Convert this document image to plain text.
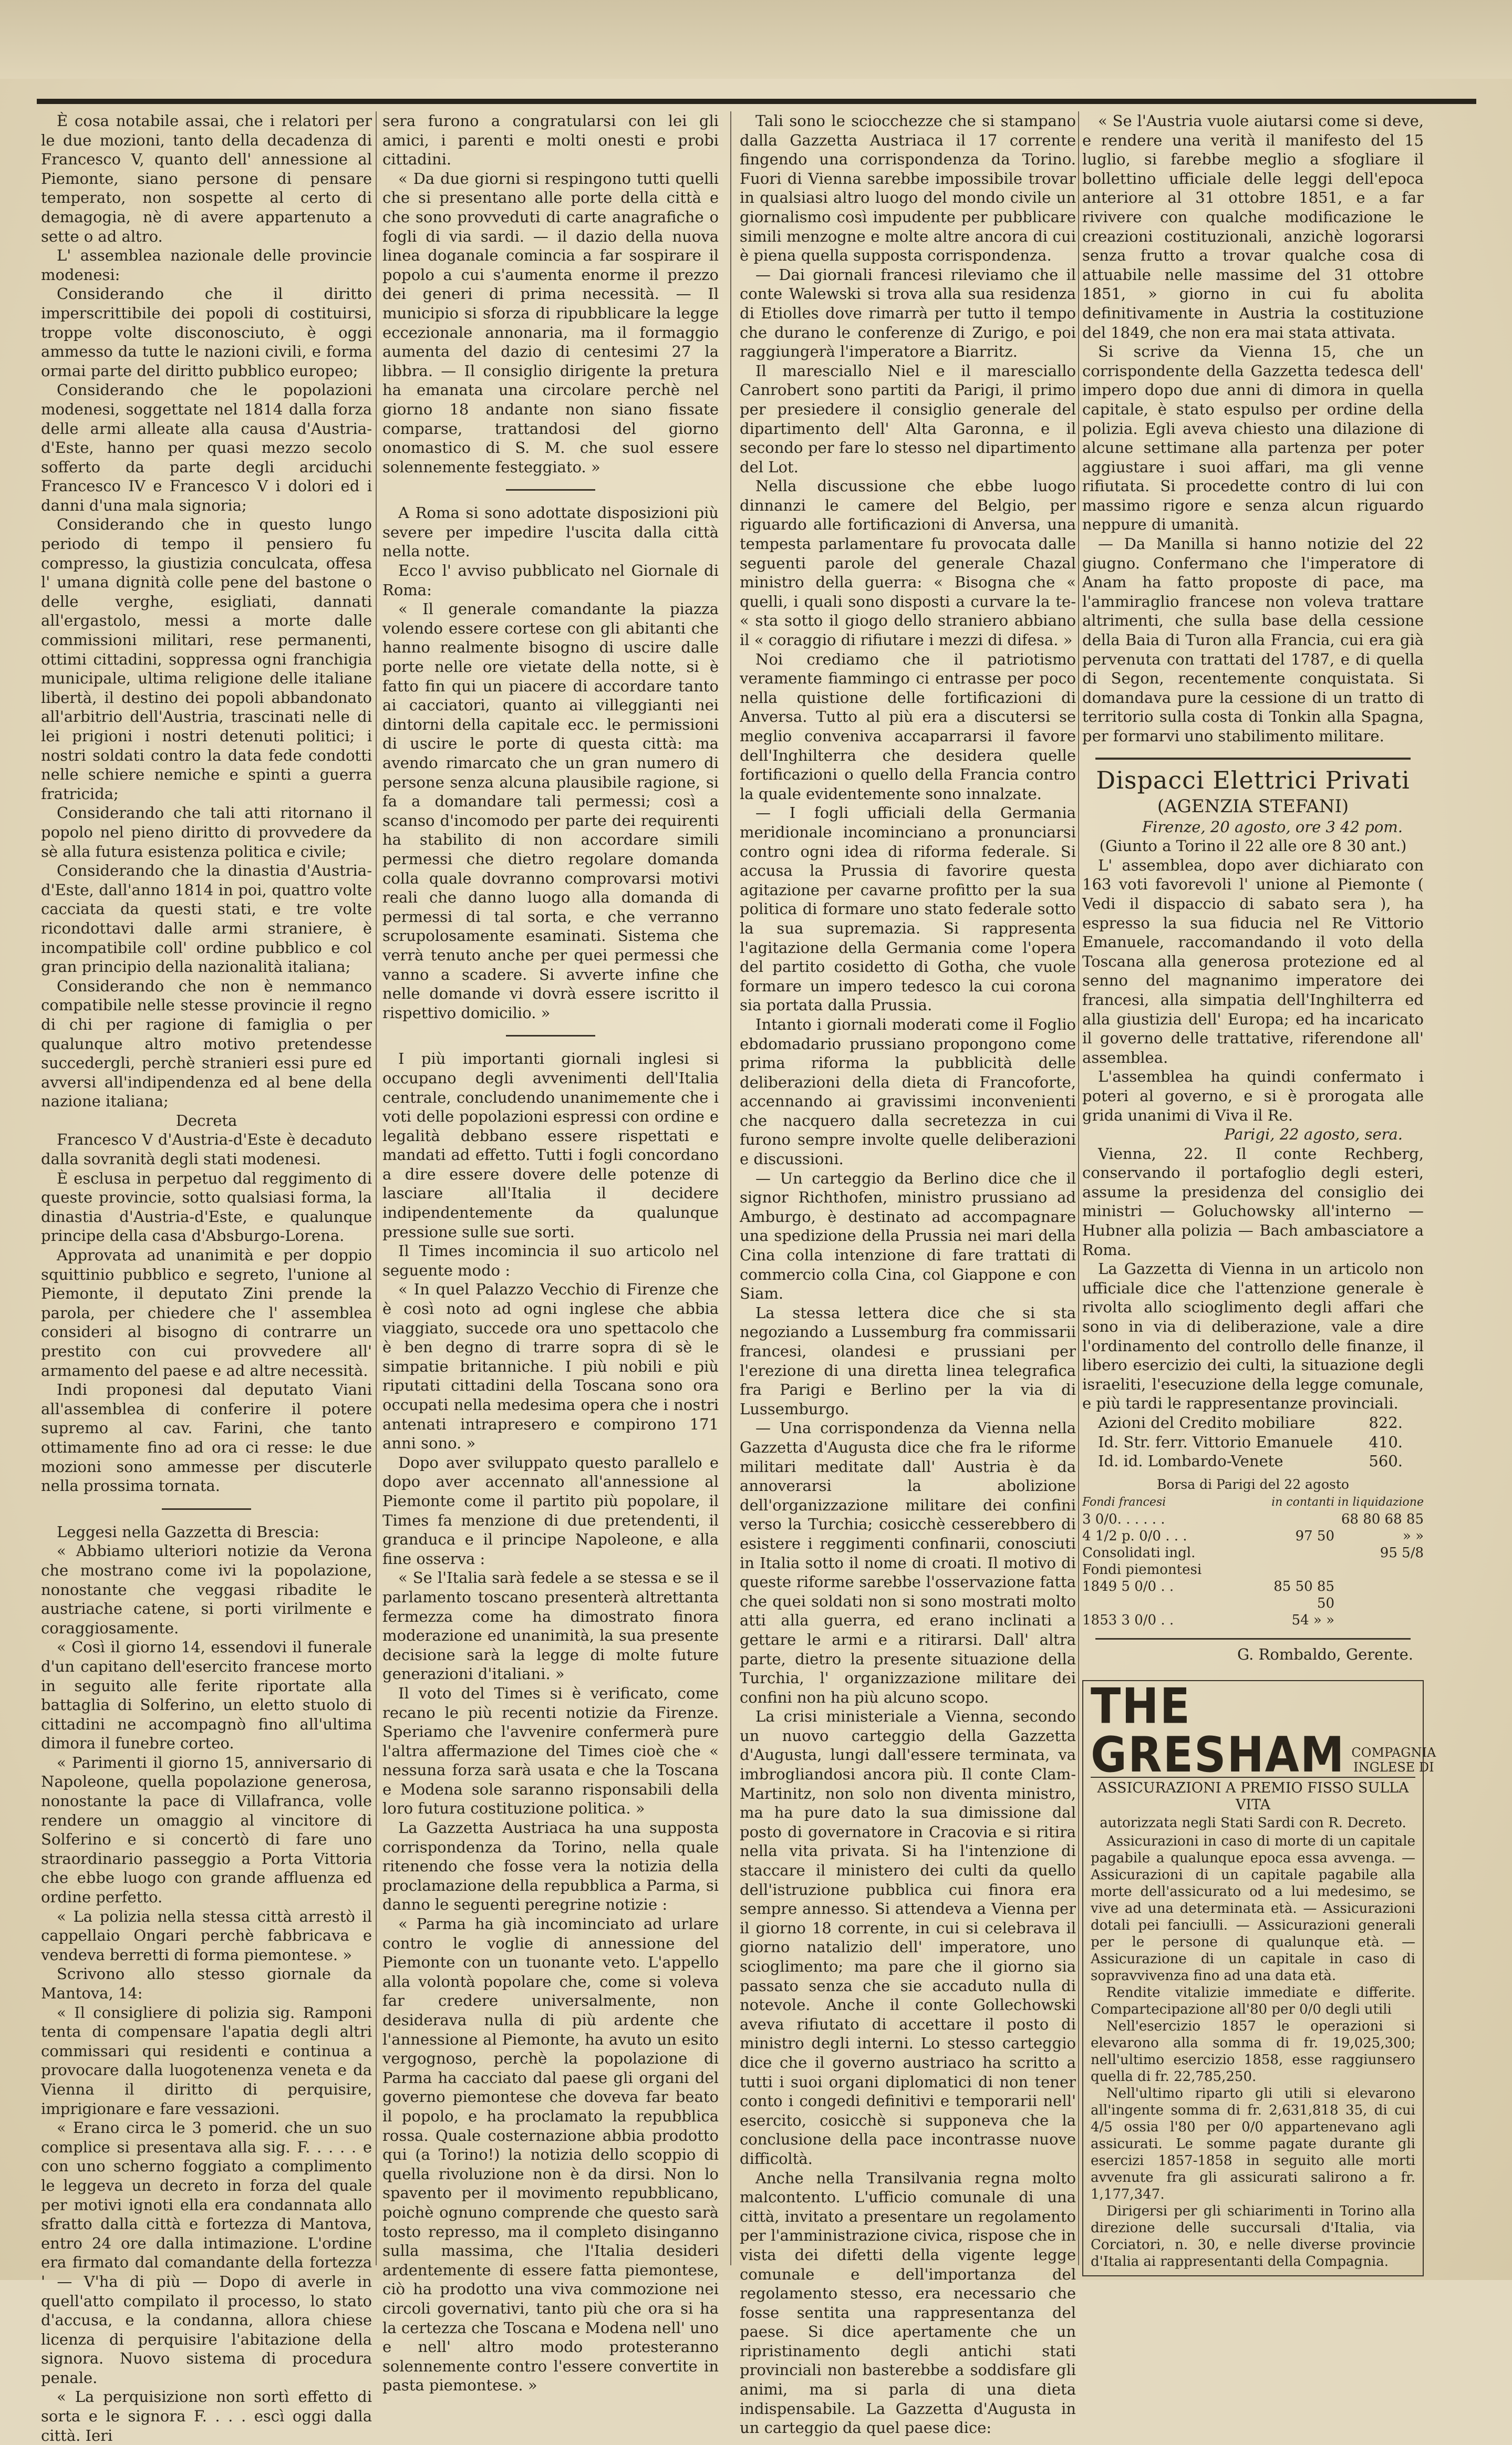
È cosa notabile assai, che i relatori per le due mozioni, tanto della decadenza di Francesco V, quanto dell' annessione al Piemonte, siano persone di pensare temperato, non sospette al certo di demagogia, nè di avere appartenuto a sette o ad altro.

L' assemblea nazionale delle provincie modenesi:

Considerando che il diritto imperscrittibile dei popoli di costituirsi, troppe volte disconosciuto, è oggi ammesso da tutte le nazioni civili, e forma ormai parte del diritto pubblico europeo;

Considerando che le popolazioni modenesi, soggettate nel 1814 dalla forza delle armi alleate alla causa d'Austria-d'Este, hanno per quasi mezzo secolo sofferto da parte degli arciduchi Francesco IV e Francesco V i dolori ed i danni d'una mala signoria;

Considerando che in questo lungo periodo di tempo il pensiero fu compresso, la giustizia conculcata, offesa l' umana dignità colle pene del bastone o delle verghe, esigliati, dannati all'ergastolo, messi a morte dalle commissioni militari, rese permanenti, ottimi cittadini, soppressa ogni franchigia municipale, ultima religione delle italiane libertà, il destino dei popoli abbandonato all'arbitrio dell'Austria, trascinati nelle di lei prigioni i nostri detenuti politici; i nostri soldati contro la data fede condotti nelle schiere nemiche e spinti a guerra fratricida;

Considerando che tali atti ritornano il popolo nel pieno diritto di provvedere da sè alla futura esistenza politica e civile;

Considerando che la dinastia d'Austria-d'Este, dall'anno 1814 in poi, quattro volte cacciata da questi stati, e tre volte ricondottavi dalle armi straniere, è incompatibile coll' ordine pubblico e col gran principio della nazionalità italiana;

Considerando che non è nemmanco compatibile nelle stesse provincie il regno di chi per ragione di famiglia o per qualunque altro motivo pretendesse succedergli, perchè stranieri essi pure ed avversi all'indipendenza ed al bene della nazione italiana;

Decreta

Francesco V d'Austria-d'Este è decaduto dalla sovranità degli stati modenesi.

È esclusa in perpetuo dal reggimento di queste provincie, sotto qualsiasi forma, la dinastia d'Austria-d'Este, e qualunque principe della casa d'Absburgo-Lorena.

Approvata ad unanimità e per doppio squittinio pubblico e segreto, l'unione al Piemonte, il deputato Zini prende la parola, per chiedere che l' assemblea consideri al bisogno di contrarre un prestito con cui provvedere all' armamento del paese e ad altre necessità.

Indi proponesi dal deputato Viani all'assemblea di conferire il potere supremo al cav. Farini, che tanto ottimamente fino ad ora ci resse: le due mozioni sono ammesse per discuterle nella prossima tornata.

Leggesi nella Gazzetta di Brescia:

« Abbiamo ulteriori notizie da Verona che mostrano come ivi la popolazione, nonostante che veggasi ribadite le austriache catene, si porti virilmente e coraggiosamente.

« Così il giorno 14, essendovi il funerale d'un capitano dell'esercito francese morto in seguito alle ferite riportate alla battaglia di Solferino, un eletto stuolo di cittadini ne accompagnò fino all'ultima dimora il funebre corteo.

« Parimenti il giorno 15, anniversario di Napoleone, quella popolazione generosa, nonostante la pace di Villafranca, volle rendere un omaggio al vincitore di Solferino e si concertò di fare uno straordinario passeggio a Porta Vittoria che ebbe luogo con grande affluenza ed ordine perfetto.

« La polizia nella stessa città arrestò il cappellaio Ongari perchè fabbricava e vendeva berretti di forma piemontese. »

Scrivono allo stesso giornale da Mantova, 14:

« Il consigliere di polizia sig. Ramponi tenta di compensare l'apatia degli altri commissari qui residenti e continua a provocare dalla luogotenenza veneta e da Vienna il diritto di perquisire, imprigionare e fare vessazioni.

« Erano circa le 3 pomerid. che un suo complice si presentava alla sig. F. . . . . e con uno scherno foggiato a complimento le leggeva un decreto in forza del quale per motivi ignoti ella era condannata allo sfratto dalla città e fortezza di Mantova, entro 24 ore dalla intimazione. L'ordine era firmato dal comandante della fortezza ' — V'ha di più — Dopo di averle in quell'atto compilato il processo, lo stato d'accusa, e la condanna, allora chiese licenza di perquisire l'abitazione della signora. Nuovo sistema di procedura penale.

« La perquisizione non sortì effetto di sorta e le signora F. . . . escì oggi dalla città. Ieri

sera furono a congratularsi con lei gli amici, i parenti e molti onesti e probi cittadini.

« Da due giorni si respingono tutti quelli che si presentano alle porte della città e che sono provveduti di carte anagrafiche o fogli di via sardi. — il dazio della nuova linea doganale comincia a far sospirare il popolo a cui s'aumenta enorme il prezzo dei generi di prima necessità. — Il municipio si sforza di ripubblicare la legge eccezionale annonaria, ma il formaggio aumenta del dazio di centesimi 27 la libbra. — Il consiglio dirigente la pretura ha emanata una circolare perchè nel giorno 18 andante non siano fissate comparse, trattandosi del giorno onomastico di S. M. che suol essere solennemente festeggiato. »

A Roma si sono adottate disposizioni più severe per impedire l'uscita dalla città nella notte.

Ecco l' avviso pubblicato nel Giornale di Roma:

« Il generale comandante la piazza volendo essere cortese con gli abitanti che hanno realmente bisogno di uscire dalle porte nelle ore vietate della notte, si è fatto fin qui un piacere di accordare tanto ai cacciatori, quanto ai villeggianti nei dintorni della capitale ecc. le permissioni di uscire le porte di questa città: ma avendo rimarcato che un gran numero di persone senza alcuna plausibile ragione, si fa a domandare tali permessi; così a scanso d'incomodo per parte dei requirenti ha stabilito di non accordare simili permessi che dietro regolare domanda colla quale dovranno comprovarsi motivi reali che danno luogo alla domanda di permessi di tal sorta, e che verranno scrupolosamente esaminati. Sistema che verrà tenuto anche per quei permessi che vanno a scadere. Si avverte infine che nelle domande vi dovrà essere iscritto il rispettivo domicilio. »

I più importanti giornali inglesi si occupano degli avvenimenti dell'Italia centrale, concludendo unanimemente che i voti delle popolazioni espressi con ordine e legalità debbano essere rispettati e mandati ad effetto. Tutti i fogli concordano a dire essere dovere delle potenze di lasciare all'Italia il decidere indipendentemente da qualunque pressione sulle sue sorti.

Il Times incomincia il suo articolo nel seguente modo :

« In quel Palazzo Vecchio di Firenze che è così noto ad ogni inglese che abbia viaggiato, succede ora uno spettacolo che è ben degno di trarre sopra di sè le simpatie britanniche. I più nobili e più riputati cittadini della Toscana sono ora occupati nella medesima opera che i nostri antenati intrapresero e compirono 171 anni sono. »

Dopo aver sviluppato questo parallelo e dopo aver accennato all'annessione al Piemonte come il partito più popolare, il Times fa menzione di due pretendenti, il granduca e il principe Napoleone, e alla fine osserva :

« Se l'Italia sarà fedele a se stessa e se il parlamento toscano presenterà altrettanta fermezza come ha dimostrato finora moderazione ed unanimità, la sua presente decisione sarà la legge di molte future generazioni d'italiani. »

Il voto del Times si è verificato, come recano le più recenti notizie da Firenze. Speriamo che l'avvenire confermerà pure l'altra affermazione del Times cioè che « nessuna forza sarà usata e che la Toscana e Modena sole saranno risponsabili della loro futura costituzione politica. »

La Gazzetta Austriaca ha una supposta corrispondenza da Torino, nella quale ritenendo che fosse vera la notizia della proclamazione della repubblica a Parma, si danno le seguenti peregrine notizie :

« Parma ha già incominciato ad urlare contro le voglie di annessione del Piemonte con un tuonante veto. L'appello alla volontà popolare che, come si voleva far credere universalmente, non desiderava nulla di più ardente che l'annessione al Piemonte, ha avuto un esito vergognoso, perchè la popolazione di Parma ha cacciato dal paese gli organi del governo piemontese che doveva far beato il popolo, e ha proclamato la repubblica rossa. Quale costernazione abbia prodotto qui (a Torino!) la notizia dello scoppio di quella rivoluzione non è da dirsi. Non lo spavento per il movimento repubblicano, poichè ognuno comprende che questo sarà tosto represso, ma il completo disinganno sulla massima, che l'Italia desideri ardentemente di essere fatta piemontese, ciò ha prodotto una viva commozione nei circoli governativi, tanto più che ora si ha la certezza che Toscana e Modena nell' uno e nell' altro modo protesteranno solennemente contro l'essere convertite in pasta piemontese. »

Tali sono le sciocchezze che si stampano dalla Gazzetta Austriaca il 17 corrente fingendo una corrispondenza da Torino. Fuori di Vienna sarebbe impossibile trovar in qualsiasi altro luogo del mondo civile un giornalismo così impudente per pubblicare simili menzogne e molte altre ancora di cui è piena quella supposta corrispondenza.

— Dai giornali francesi rileviamo che il conte Walewski si trova alla sua residenza di Etiolles dove rimarrà per tutto il tempo che durano le conferenze di Zurigo, e poi raggiungerà l'imperatore a Biarritz.

Il maresciallo Niel e il maresciallo Canrobert sono partiti da Parigi, il primo per presiedere il consiglio generale del dipartimento dell' Alta Garonna, e il secondo per fare lo stesso nel dipartimento del Lot.

Nella discussione che ebbe luogo dinnanzi le camere del Belgio, per riguardo alle fortificazioni di Anversa, una tempesta parlamentare fu provocata dalle seguenti parole del generale Chazal ministro della guerra: « Bisogna che « quelli, i quali sono disposti a curvare la te- « sta sotto il giogo dello straniero abbiano il « coraggio di rifiutare i mezzi di difesa. »

Noi crediamo che il patriotismo veramente fiammingo ci entrasse per poco nella quistione delle fortificazioni di Anversa. Tutto al più era a discutersi se meglio conveniva accaparrarsi il favore dell'Inghilterra che desidera quelle fortificazioni o quello della Francia contro la quale evidentemente sono innalzate.

— I fogli ufficiali della Germania meridionale incominciano a pronunciarsi contro ogni idea di riforma federale. Si accusa la Prussia di favorire questa agitazione per cavarne profitto per la sua politica di formare uno stato federale sotto la sua supremazia. Si rappresenta l'agitazione della Germania come l'opera del partito cosidetto di Gotha, che vuole formare un impero tedesco la cui corona sia portata dalla Prussia.

Intanto i giornali moderati come il Foglio ebdomadario prussiano propongono come prima riforma la pubblicità delle deliberazioni della dieta di Francoforte, accennando ai gravissimi inconvenienti che nacquero dalla secretezza in cui furono sempre involte quelle deliberazioni e discussioni.

— Un carteggio da Berlino dice che il signor Richthofen, ministro prussiano ad Amburgo, è destinato ad accompagnare una spedizione della Prussia nei mari della Cina colla intenzione di fare trattati di commercio colla Cina, col Giappone e con Siam.

La stessa lettera dice che si sta negoziando a Lussemburg fra commissarii francesi, olandesi e prussiani per l'erezione di una diretta linea telegrafica fra Parigi e Berlino per la via di Lussemburgo.

— Una corrispondenza da Vienna nella Gazzetta d'Augusta dice che fra le riforme militari meditate dall' Austria è da annoverarsi la abolizione dell'organizzazione militare dei confini verso la Turchia; cosicchè cesserebbero di esistere i reggimenti confinarii, conosciuti in Italia sotto il nome di croati. Il motivo di queste riforme sarebbe l'osservazione fatta che quei soldati non si sono mostrati molto atti alla guerra, ed erano inclinati a gettare le armi e a ritirarsi. Dall' altra parte, dietro la presente situazione della Turchia, l' organizzazione militare dei confini non ha più alcuno scopo.

La crisi ministeriale a Vienna, secondo un nuovo carteggio della Gazzetta d'Augusta, lungi dall'essere terminata, va imbrogliandosi ancora più. Il conte Clam-Martinitz, non solo non diventa ministro, ma ha pure dato la sua dimissione dal posto di governatore in Cracovia e si ritira nella vita privata. Si ha l'intenzione di staccare il ministero dei culti da quello dell'istruzione pubblica cui finora era sempre annesso. Si attendeva a Vienna per il giorno 18 corrente, in cui si celebrava il giorno natalizio dell' imperatore, uno scioglimento; ma pare che il giorno sia passato senza che sie accaduto nulla di notevole. Anche il conte Gollechowski aveva rifiutato di accettare il posto di ministro degli interni. Lo stesso carteggio dice che il governo austriaco ha scritto a tutti i suoi organi diplomatici di non tener conto i congedi definitivi e temporarii nell' esercito, cosicchè si supponeva che la conclusione della pace incontrasse nuove difficoltà.

Anche nella Transilvania regna molto malcontento. L'ufficio comunale di una città, invitato a presentare un regolamento per l'amministrazione civica, rispose che in vista dei difetti della vigente legge comunale e dell'importanza del regolamento stesso, era necessario che fosse sentita una rappresentanza del paese. Si dice apertamente che un ripristinamento degli antichi stati provinciali non basterebbe a soddisfare gli animi, ma si parla di una dieta indispensabile. La Gazzetta d'Augusta in un carteggio da quel paese dice:

« Se l'Austria vuole aiutarsi come si deve, e rendere una verità il manifesto del 15 luglio, si farebbe meglio a sfogliare il bollettino ufficiale delle leggi dell'epoca anteriore al 31 ottobre 1851, e a far rivivere con qualche modificazione le creazioni costituzionali, anzichè logorarsi senza frutto a trovar qualche cosa di attuabile nelle massime del 31 ottobre 1851, » giorno in cui fu abolita definitivamente in Austria la costituzione del 1849, che non era mai stata attivata.

Si scrive da Vienna 15, che un corrispondente della Gazzetta tedesca dell' impero dopo due anni di dimora in quella capitale, è stato espulso per ordine della polizia. Egli aveva chiesto una dilazione di alcune settimane alla partenza per poter aggiustare i suoi affari, ma gli venne rifiutata. Si procedette contro di lui con massimo rigore e senza alcun riguardo neppure di umanità.

— Da Manilla si hanno notizie del 22 giugno. Confermano che l'imperatore di Anam ha fatto proposte di pace, ma l'ammiraglio francese non voleva trattare altrimenti, che sulla base della cessione della Baia di Turon alla Francia, cui era già pervenuta con trattati del 1787, e di quella di Segon, recentemente conquistata. Si domandava pure la cessione di un tratto di territorio sulla costa di Tonkin alla Spagna, per formarvi uno stabilimento militare.

Dispacci Elettrici Privati
(AGENZIA STEFANI)

Firenze, 20 agosto, ore 3 42 pom.

(Giunto a Torino il 22 alle ore 8 30 ant.)

L' assemblea, dopo aver dichiarato con 163 voti favorevoli l' unione al Piemonte ( Vedi il dispaccio di sabato sera ), ha espresso la sua fiducia nel Re Vittorio Emanuele, raccomandando il voto della Toscana alla generosa protezione ed al senno del magnanimo imperatore dei francesi, alla simpatia dell'Inghilterra ed alla giustizia dell' Europa; ed ha incaricato il governo delle trattative, riferendone all' assemblea.

L'assemblea ha quindi confermato i poteri al governo, e si è prorogata alle grida unanimi di Viva il Re.

Parigi, 22 agosto, sera.

Vienna, 22. Il conte Rechberg, conservando il portafoglio degli esteri, assume la presidenza del consiglio dei ministri — Goluchowsky all'interno — Hubner alla polizia — Bach ambasciatore a Roma.

La Gazzetta di Vienna in un articolo non ufficiale dice che l'attenzione generale è rivolta allo scioglimento degli affari che sono in via di deliberazione, vale a dire l'ordinamento del controllo delle finanze, il libero esercizio dei culti, la situazione degli israeliti, l'esecuzione della legge comunale, e più tardi le rappresentanze provinciali.

Azioni del Credito mobiliare	822.
Id. Str. ferr. Vittorio Emanuele 410.
Id. id. Lombardo-Venete	560.

Borsa di Parigi del 22 agosto

Fondi francesi	in contanti in liquidazione
3 0/0. . . . . .	68 80 68 85
4 1/2 p. 0/0 . . .	97 50	» »
Consolidati ingl.	95 5/8
Fondi piemontesi
1849 5 0/0 . .	85 50 85 50
1853 3 0/0 . .	54 » »

G. Rombaldo, Gerente.

THE GRESHAM COMPAGNIA
INGLESE DI
ASSICURAZIONI A PREMIO FISSO SULLA VITA

autorizzata negli Stati Sardi con R. Decreto.

Assicurazioni in caso di morte di un capitale pagabile a qualunque epoca essa avvenga. — Assicurazioni di un capitale pagabile alla morte dell'assicurato od a lui medesimo, se vive ad una determinata età. — Assicurazioni dotali pei fanciulli. — Assicurazioni generali per le persone di qualunque età. — Assicurazione di un capitale in caso di sopravvivenza fino ad una data età.

Rendite vitalizie immediate e differite. Compartecipazione all'80 per 0/0 degli utili

Nell'esercizio 1857 le operazioni si elevarono alla somma di fr. 19,025,300; nell'ultimo esercizio 1858, esse raggiunsero quella di fr. 22,785,250.

Nell'ultimo riparto gli utili si elevarono all'ingente somma di fr. 2,631,818 35, di cui 4/5 ossia l'80 per 0/0 appartenevano agli assicurati. Le somme pagate durante gli esercizi 1857-1858 in seguito alle morti avvenute fra gli assicurati salirono a fr. 1,177,347.

Dirigersi per gli schiarimenti in Torino alla direzione delle succursali d'Italia, via Corciatori, n. 30, e nelle diverse provincie d'Italia ai rappresentanti della Compagnia.
